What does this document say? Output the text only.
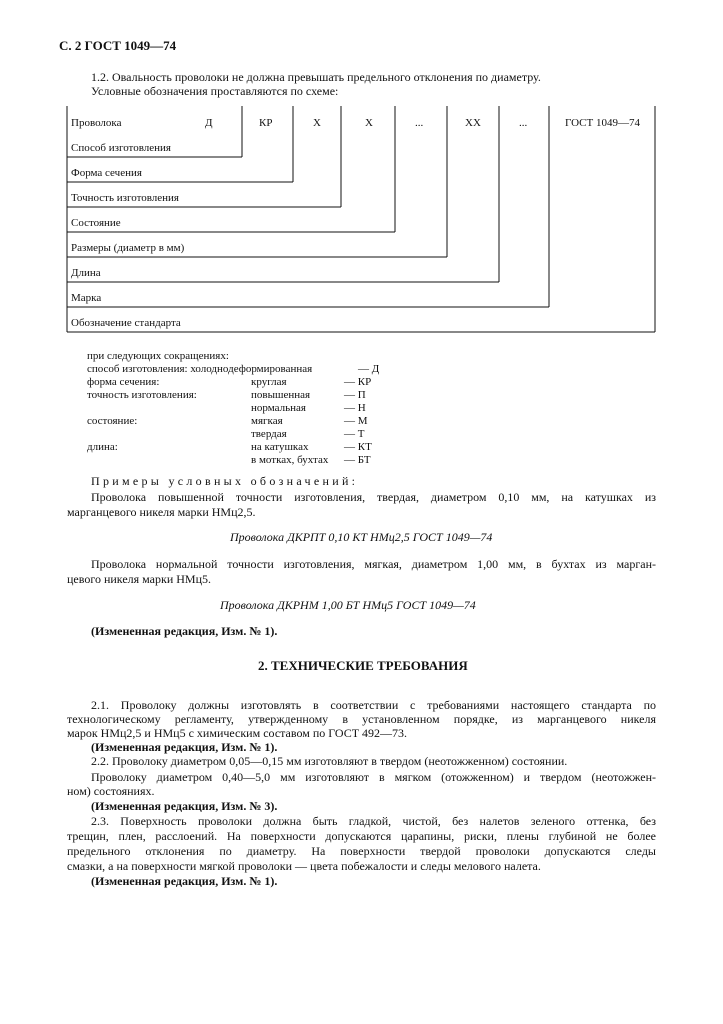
С. 2 ГОСТ 1049—74
1.2. Овальность проволоки не должна превышать предельного отклонения по диаметру.
Условные обозначения проставляются по схеме:
Проволока	Д	КР	Х	Х	...	ХХ	...	ГОСТ 1049—74
Способ изготовления
Форма сечения
Точность изготовления
Состояние
Размеры (диаметр в мм)
Длина
Марка
Обозначение стандарта
при следующих сокращениях:
способ изготовления: холоднодеформированная	— Д
форма сечения:	круглая	— КР
точность изготовления:	повышенная	— П
нормальная	— Н
состояние:	мягкая	— М
твердая	— Т
длина:	на катушках	— КТ
в мотках, бухтах — БТ
Примеры условных обозначений:
Проволока повышенной точности изготовления, твердая, диаметром 0,10 мм, на катушках из
марганцевого никеля марки НМц2,5.
Проволока ДКРПТ 0,10 КТ НМц2,5 ГОСТ 1049—74
Проволока нормальной точности изготовления, мягкая, диаметром 1,00 мм, в бухтах из марган-
цевого никеля марки НМц5.
Проволока ДКРНМ 1,00 БТ НМц5 ГОСТ 1049—74
(Измененная редакция, Изм. № 1).
2. ТЕХНИЧЕСКИЕ ТРЕБОВАНИЯ
2.1. Проволоку должны изготовлять в соответствии с требованиями настоящего стандарта по
технологическому регламенту, утвержденному в установленном порядке, из марганцевого никеля
марок НМц2,5 и НМц5 с химическим составом по ГОСТ 492—73.
(Измененная редакция, Изм. № 1).
2.2. Проволоку диаметром 0,05—0,15 мм изготовляют в твердом (неотожженном) состоянии.
Проволоку диаметром 0,40—5,0 мм изготовляют в мягком (отожженном) и твердом (неотожжен-
ном) состояниях.
(Измененная редакция, Изм. № 3).
2.3. Поверхность проволоки должна быть гладкой, чистой, без налетов зеленого оттенка, без
трещин, плен, расслоений. На поверхности допускаются царапины, риски, плены глубиной не более
предельного отклонения по диаметру. На поверхности твердой проволоки допускаются следы
смазки, а на поверхности мягкой проволоки — цвета побежалости и следы мелового налета.
(Измененная редакция, Изм. № 1).
